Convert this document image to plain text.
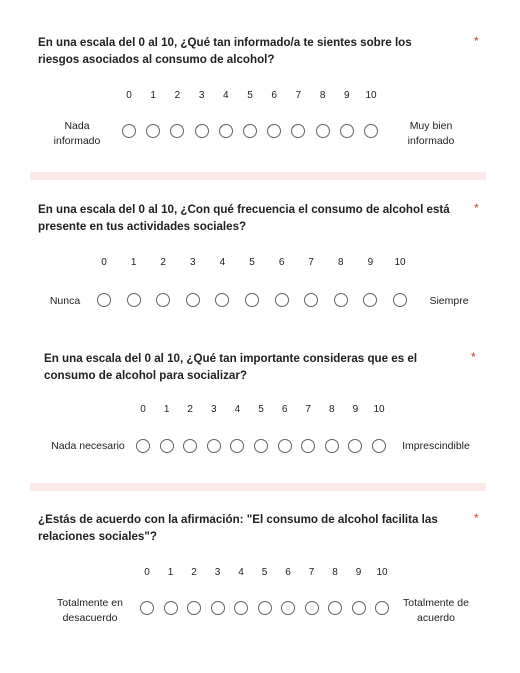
En una escala del 0 al 10, ¿Qué tan informado/a te sientes sobre los riesgos asociados al consumo de alcohol?
*
0	1	2	3	4	5	6	7	8	9	10
Nada informado
Muy bien informado
En una escala del 0 al 10, ¿Con qué frecuencia el consumo de alcohol está presente en tus actividades sociales?
*
0	1	2	3	4	5	6	7	8	9	10
Nunca	Siempre
En una escala del 0 al 10, ¿Qué tan importante consideras que es el consumo de alcohol para socializar?
*
0	1	2	3	4	5	6	7	8	9	10
Nada necesario	Imprescindible
¿Estás de acuerdo con la afirmación: "El consumo de alcohol facilita las relaciones sociales"?
*
0	1	2	3	4	5	6	7	8	9	10
Totalmente en desacuerdo
Totalmente de acuerdo
